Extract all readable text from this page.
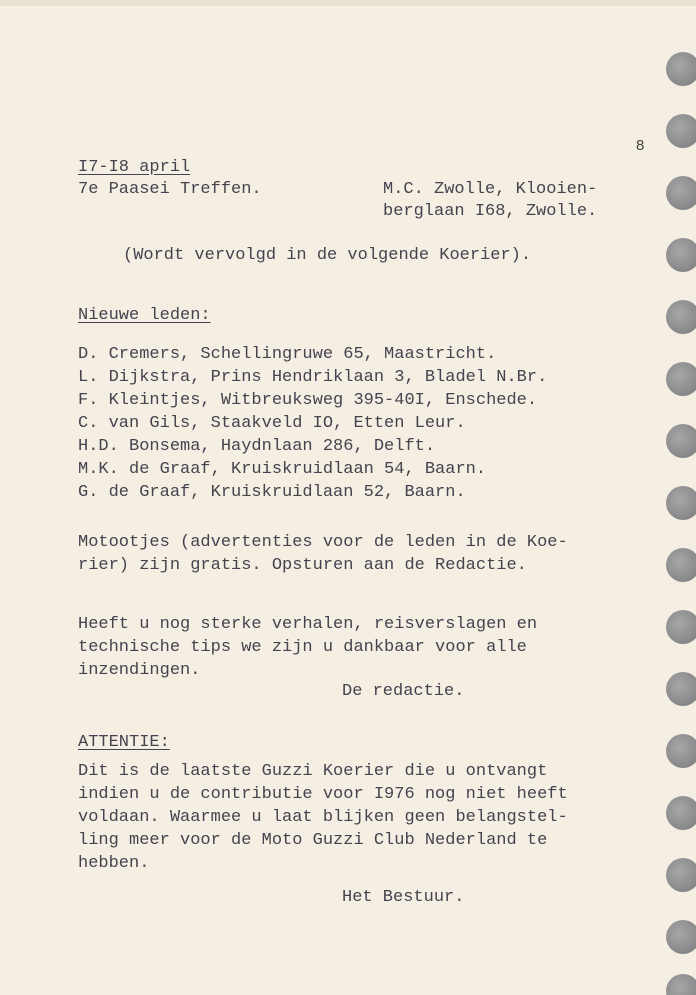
8
I7-I8 april
7e Paasei Treffen.	M.C. Zwolle, Klooien-
berglaan I68, Zwolle.
(Wordt vervolgd in de volgende Koerier).
Nieuwe leden:
D. Cremers, Schellingruwe 65, Maastricht.
L. Dijkstra, Prins Hendriklaan 3, Bladel N.Br.
F. Kleintjes, Witbreuksweg 395-40I, Enschede.
C. van Gils, Staakveld IO, Etten Leur.
H.D. Bonsema, Haydnlaan 286, Delft.
M.K. de Graaf, Kruiskruidlaan 54, Baarn.
G. de Graaf, Kruiskruidlaan 52, Baarn.
Motootjes (advertenties voor de leden in de Koe-
rier) zijn gratis. Opsturen aan de Redactie.
Heeft u nog sterke verhalen, reisverslagen en
technische tips we zijn u dankbaar voor alle
inzendingen.
De redactie.
ATTENTIE:
Dit is de laatste Guzzi Koerier die u ontvangt
indien u de contributie voor I976 nog niet heeft
voldaan. Waarmee u laat blijken geen belangstel-
ling meer voor de Moto Guzzi Club Nederland te
hebben.
Het Bestuur.
